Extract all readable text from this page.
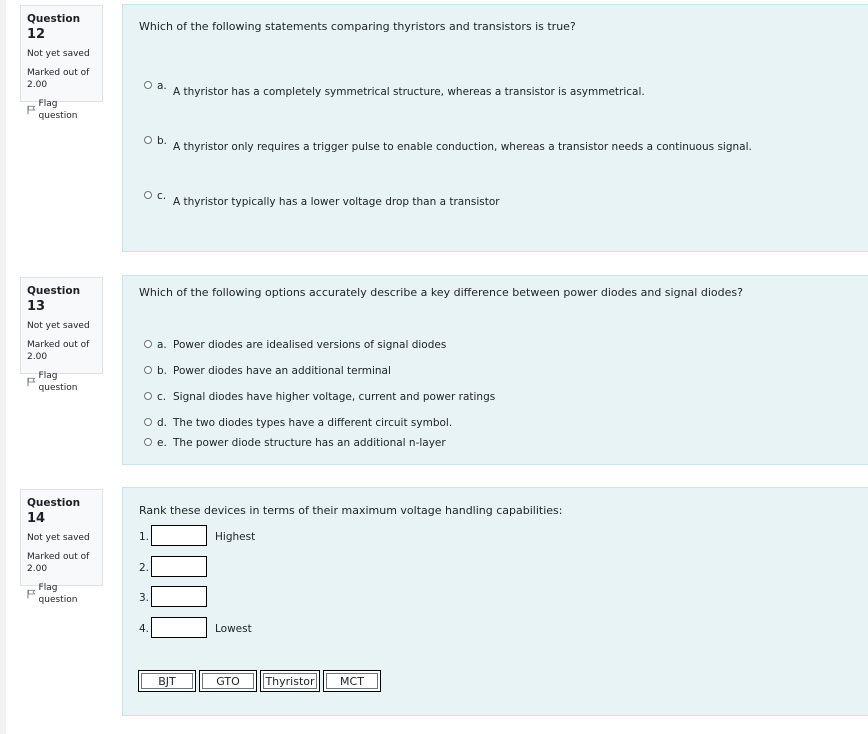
Question 12
Not yet saved
Marked out of
2.00
Flag question
Which of the following statements comparing thyristors and transistors is true?
a. A thyristor has a completely symmetrical structure, whereas a transistor is asymmetrical.
b. A thyristor only requires a trigger pulse to enable conduction, whereas a transistor needs a continuous signal.
c. A thyristor typically has a lower voltage drop than a transistor
Question 13
Not yet saved
Marked out of
2.00
Flag question
Which of the following options accurately describe a key difference between power diodes and signal diodes?
a. Power diodes are idealised versions of signal diodes
b. Power diodes have an additional terminal
c. Signal diodes have higher voltage, current and power ratings
d. The two diodes types have a different circuit symbol.
e. The power diode structure has an additional n-layer
Question 14
Not yet saved
Marked out of
2.00
Flag question
Rank these devices in terms of their maximum voltage handling capabilities:
1.	Highest
2.
3.
4.	Lowest
BJT	GTO Thyristor MCT
